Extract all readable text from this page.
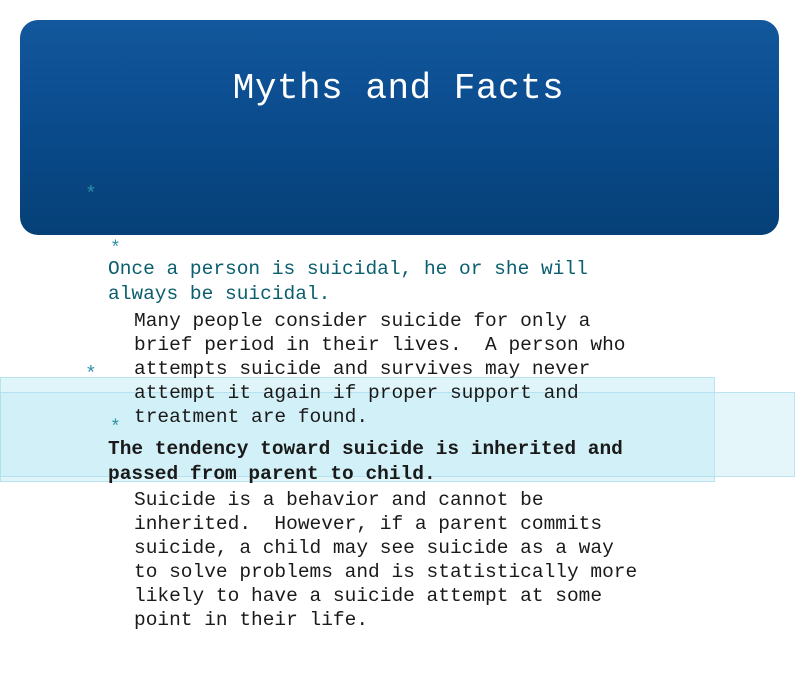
Myths and Facts

*

Once a person is suicidal, he or she will
always be suicidal.

*

Many people consider suicide for only a
brief period in their lives.  A person who
attempts suicide and survives may never
attempt it again if proper support and
treatment are found.

*

The tendency toward suicide is inherited and
passed from parent to child.

*

Suicide is a behavior and cannot be
inherited.  However, if a parent commits
suicide, a child may see suicide as a way
to solve problems and is statistically more
likely to have a suicide attempt at some
point in their life.
